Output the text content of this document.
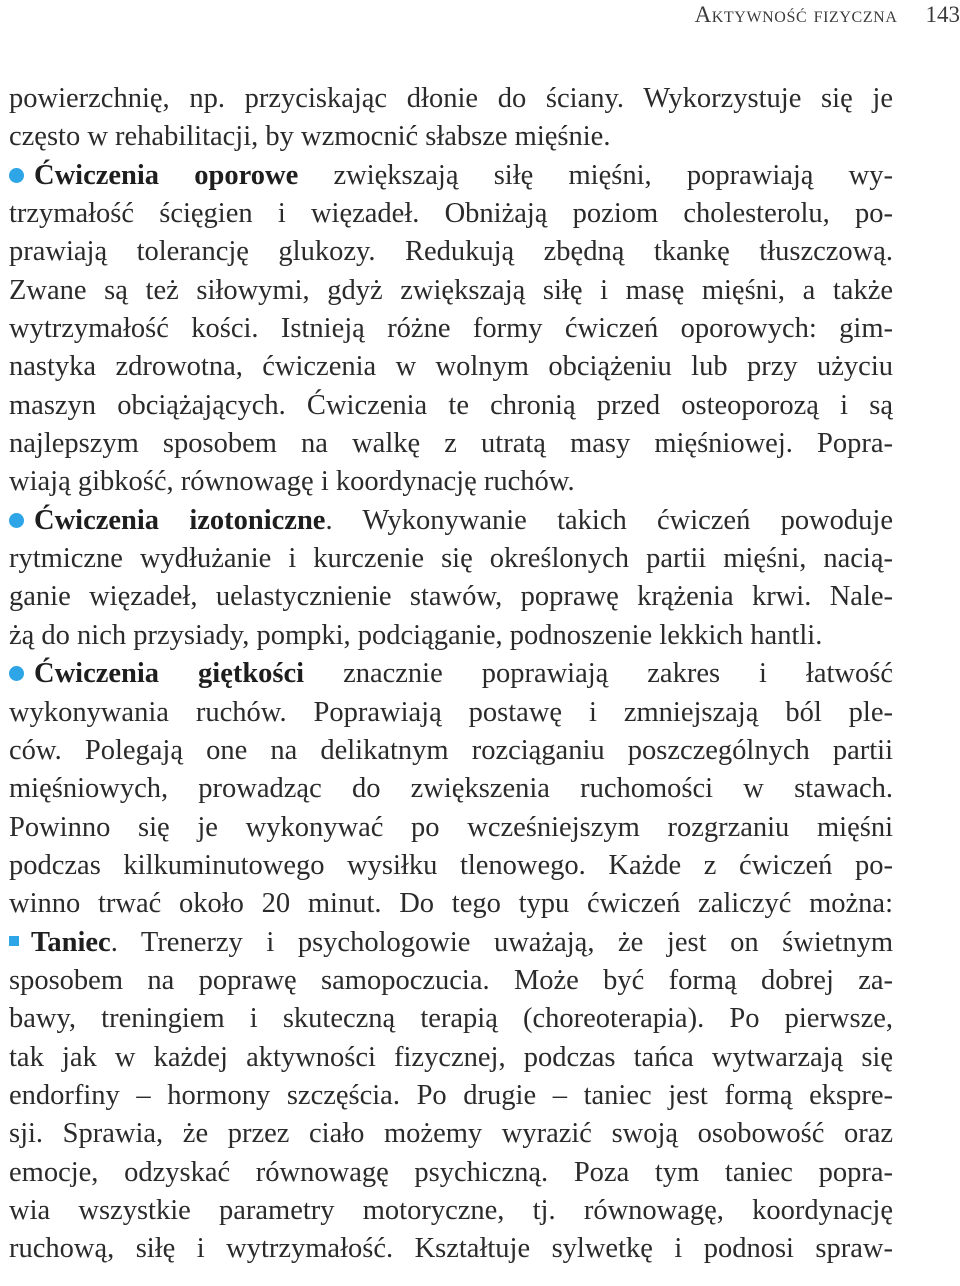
Aktywność fizyczna 143
powierzchnię, np. przyciskając dłonie do ściany. Wykorzystuje się je
często w rehabilitacji, by wzmocnić słabsze mięśnie.
Ćwiczenia oporowe zwiększają siłę mięśni, poprawiają wy-
trzymałość ścięgien i więzadeł. Obniżają poziom cholesterolu, po-
prawiają tolerancję glukozy. Redukują zbędną tkankę tłuszczową.
Zwane są też siłowymi, gdyż zwiększają siłę i masę mięśni, a także
wytrzymałość kości. Istnieją różne formy ćwiczeń oporowych: gim-
nastyka zdrowotna, ćwiczenia w wolnym obciążeniu lub przy użyciu
maszyn obciążających. Ćwiczenia te chronią przed osteoporozą i są
najlepszym sposobem na walkę z utratą masy mięśniowej. Popra-
wiają gibkość, równowagę i koordynację ruchów.
Ćwiczenia izotoniczne. Wykonywanie takich ćwiczeń powoduje
rytmiczne wydłużanie i kurczenie się określonych partii mięśni, nacią-
ganie więzadeł, uelastycznienie stawów, poprawę krążenia krwi. Nale-
żą do nich przysiady, pompki, podciąganie, podnoszenie lekkich hantli.
Ćwiczenia giętkości znacznie poprawiają zakres i łatwość
wykonywania ruchów. Poprawiają postawę i zmniejszają ból ple-
ców. Polegają one na delikatnym rozciąganiu poszczególnych partii
mięśniowych, prowadząc do zwiększenia ruchomości w stawach.
Powinno się je wykonywać po wcześniejszym rozgrzaniu mięśni
podczas kilkuminutowego wysiłku tlenowego. Każde z ćwiczeń po-
winno trwać około 20 minut. Do tego typu ćwiczeń zaliczyć można:
Taniec. Trenerzy i psychologowie uważają, że jest on świetnym
sposobem na poprawę samopoczucia. Może być formą dobrej za-
bawy, treningiem i skuteczną terapią (choreoterapia). Po pierwsze,
tak jak w każdej aktywności fizycznej, podczas tańca wytwarzają się
endorfiny – hormony szczęścia. Po drugie – taniec jest formą ekspre-
sji. Sprawia, że przez ciało możemy wyrazić swoją osobowość oraz
emocje, odzyskać równowagę psychiczną. Poza tym taniec popra-
wia wszystkie parametry motoryczne, tj. równowagę, koordynację
ruchową, siłę i wytrzymałość. Kształtuje sylwetkę i podnosi spraw-
